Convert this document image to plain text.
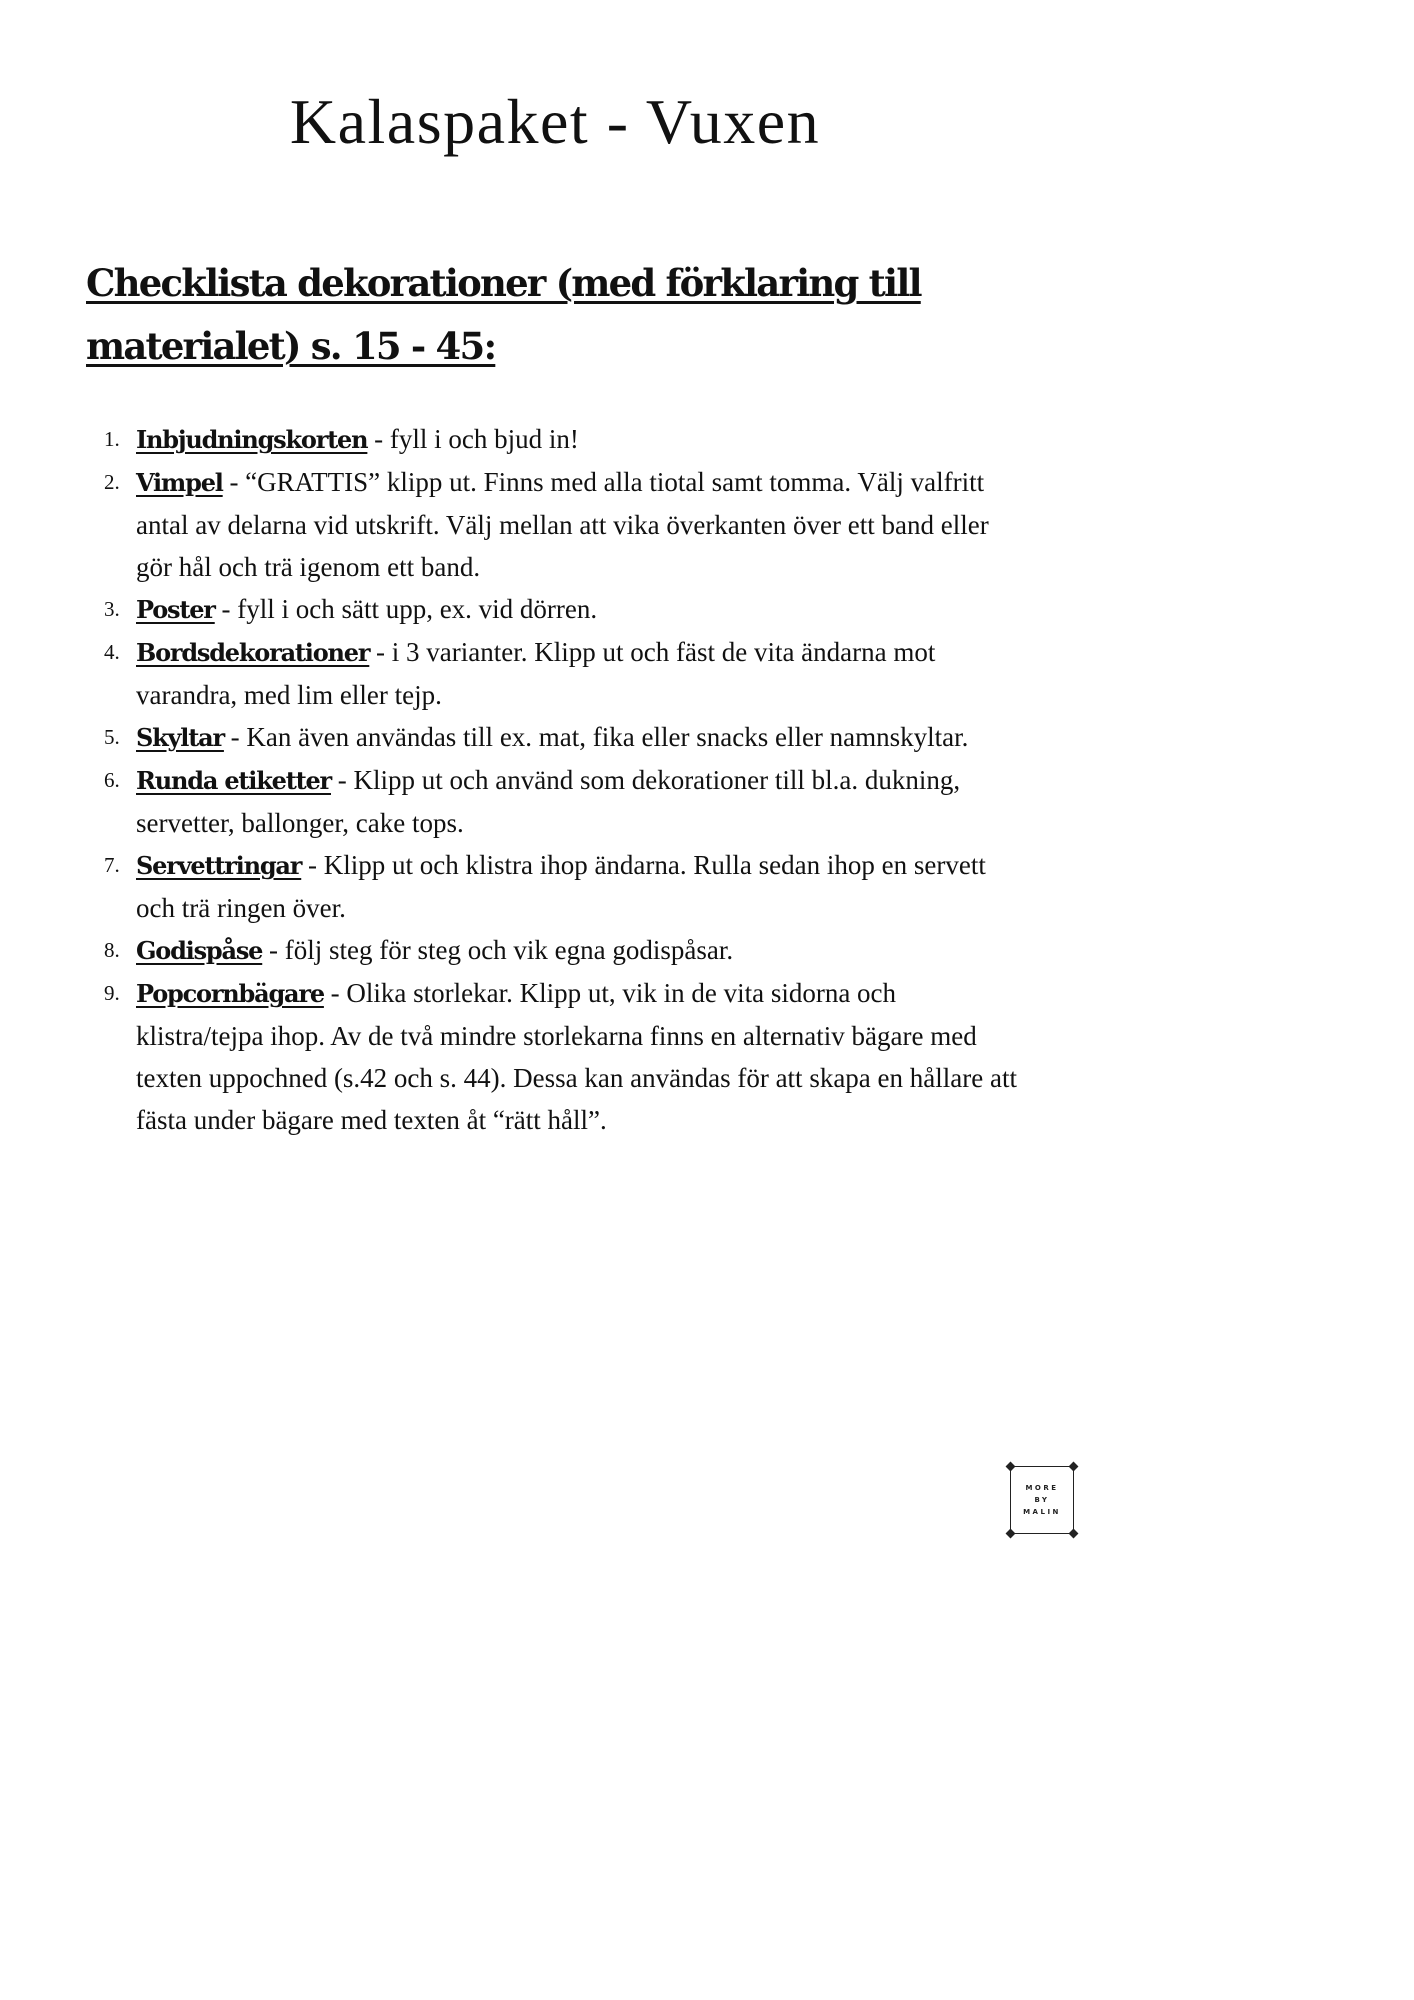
Kalaspaket - Vuxen
Checklista dekorationer (med förklaring till materialet) s. 15 - 45:
1. Inbjudningskorten - fyll i och bjud in!
2. Vimpel - “GRATTIS” klipp ut. Finns med alla tiotal samt tomma. Välj valfritt antal av delarna vid utskrift. Välj mellan att vika överkanten över ett band eller gör hål och trä igenom ett band.
3. Poster - fyll i och sätt upp, ex. vid dörren.
4. Bordsdekorationer - i 3 varianter. Klipp ut och fäst de vita ändarna mot varandra, med lim eller tejp.
5. Skyltar - Kan även användas till ex. mat, fika eller snacks eller namnskyltar.
6. Runda etiketter - Klipp ut och använd som dekorationer till bl.a. dukning, servetter, ballonger, cake tops.
7. Servettringar - Klipp ut och klistra ihop ändarna. Rulla sedan ihop en servett och trä ringen över.
8. Godispåse - följ steg för steg och vik egna godispåsar.
9. Popcornbägare - Olika storlekar. Klipp ut, vik in de vita sidorna och klistra/tejpa ihop. Av de två mindre storlekarna finns en alternativ bägare med texten uppochned (s.42 och s. 44). Dessa kan användas för att skapa en hållare att fästa under bägare med texten åt “rätt håll”.
MORE
BY
MALIN
